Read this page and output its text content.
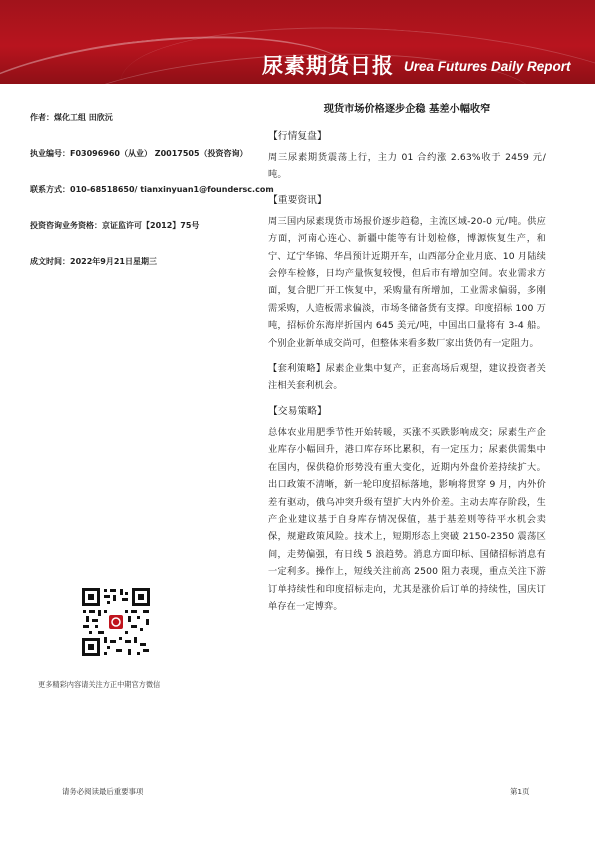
尿素期货日报 Urea Futures Daily Report
作者：煤化工组 田欣沅
执业编号：F03096960（从业） Z0017505（投资咨询）
联系方式：010-68518650/ tianxinyuan1@foundersc.com
投资咨询业务资格：京证监许可【2012】75号
成文时间：2022年9月21日星期三
更多精彩内容请关注方正中期官方微信
现货市场价格逐步企稳 基差小幅收窄
【行情复盘】
周三尿素期货震荡上行，主力 01 合约涨 2.63%收于 2459 元/吨。
【重要资讯】
周三国内尿素现货市场报价逐步趋稳，主流区域-20-0 元/吨。供应方面，河南心连心、新疆中能等有计划检修，博源恢复生产，和宁、辽宁华锦、华昌预计近期开车，山西部分企业月底、10 月陆续会停车检修，日均产量恢复较慢，但后市有增加空间。农业需求方面，复合肥厂开工恢复中，采购量有所增加，工业需求偏弱，多刚需采购，人造板需求偏淡，市场冬储备货有支撑。印度招标 100 万吨，招标价东海岸折国内 645 美元/吨，中国出口量将有 3-4 船。个别企业新单成交尚可，但整体来看多数厂家出货仍有一定阻力。
【套利策略】尿素企业集中复产，正套高场后观望，建议投资者关注相关套利机会。
【交易策略】
总体农业用肥季节性开始转暖，买涨不买跌影响成交；尿素生产企业库存小幅回升，港口库存环比累积，有一定压力；尿素供需集中在国内，保供稳价形势没有重大变化，近期内外盘价差持续扩大。出口政策不清晰，新一轮印度招标落地，影响将贯穿 9 月，内外价差有驱动，俄乌冲突升级有望扩大内外价差。主动去库存阶段，生产企业建议基于自身库存情况保值，基于基差则等待平水机会卖保，规避政策风险。技术上，短期形态上突破 2150-2350 震荡区间，走势偏强，有日线 5 浪趋势。消息方面印标、国储招标消息有一定利多。操作上，短线关注前高 2500 阻力表现，重点关注下游订单持续性和印度招标走向，尤其是涨价后订单的持续性，国庆订单存在一定博弈。
请务必阅读最后重要事项	第1页
